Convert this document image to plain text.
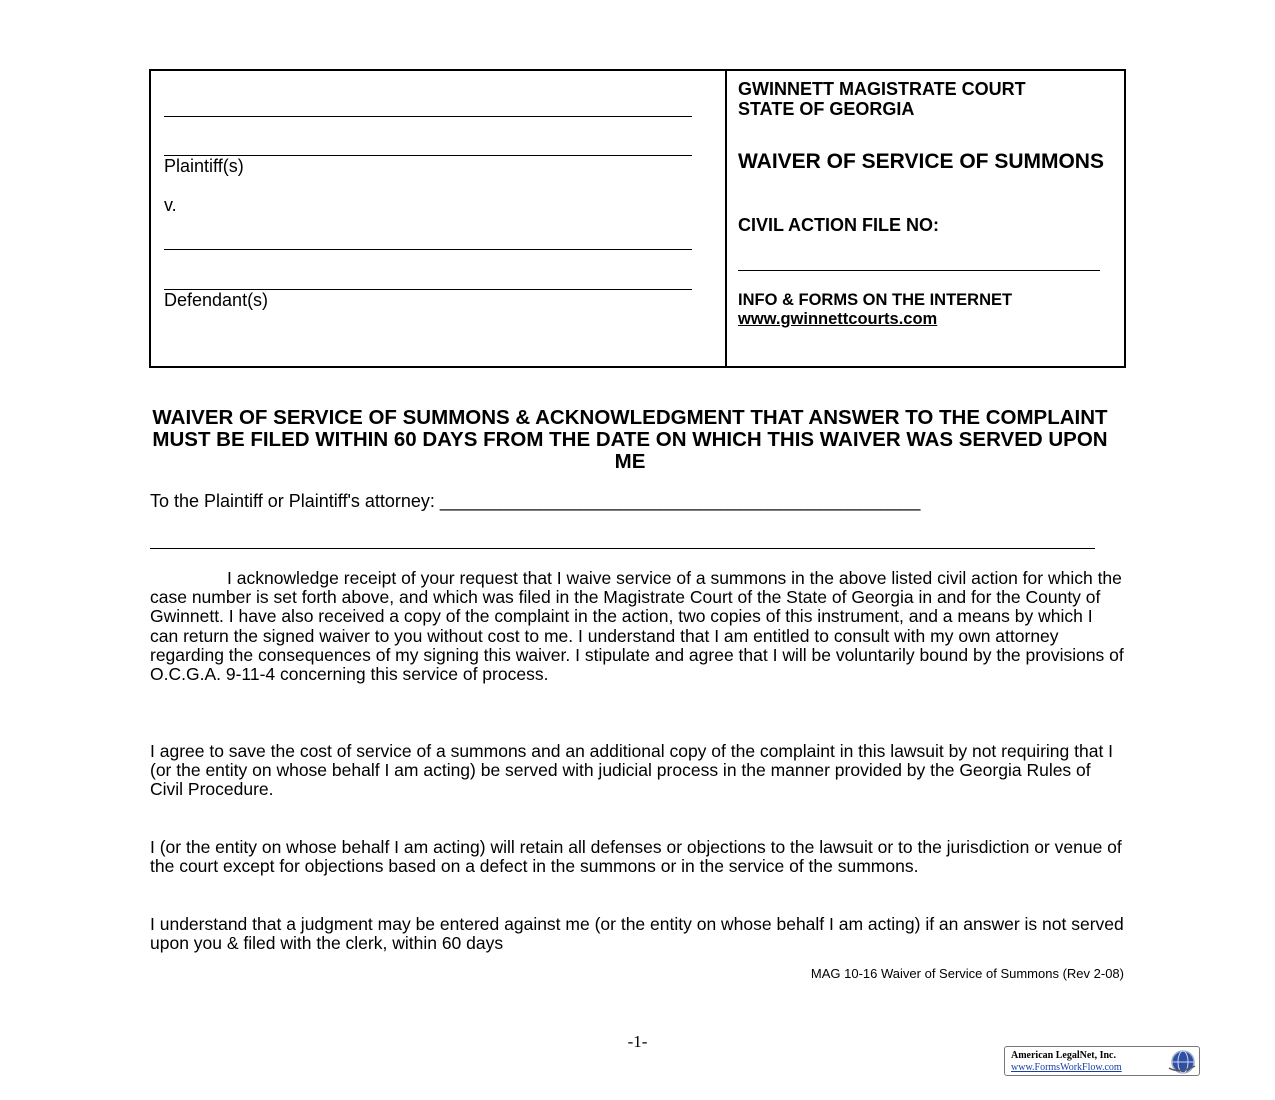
Plaintiff(s)
v.
Defendant(s)
GWINNETT MAGISTRATE COURT
STATE OF GEORGIA
WAIVER OF SERVICE OF SUMMONS
CIVIL ACTION FILE NO:
INFO & FORMS ON THE INTERNET
www.gwinnettcourts.com
WAIVER OF SERVICE OF SUMMONS & ACKNOWLEDGMENT THAT ANSWER TO THE COMPLAINT MUST BE FILED WITHIN 60 DAYS FROM THE DATE ON WHICH THIS WAIVER WAS SERVED UPON ME
To the Plaintiff or Plaintiff's attorney: ________________________________________________

I acknowledge receipt of your request that I waive service of a summons in the above listed civil action for which the case number is set forth above, and which was filed in the Magistrate Court of the State of Georgia in and for the County of Gwinnett. I have also received a copy of the complaint in the action, two copies of this instrument, and a means by which I can return the signed waiver to you without cost to me. I understand that I am entitled to consult with my own attorney regarding the consequences of my signing this waiver. I stipulate and agree that I will be voluntarily bound by the provisions of O.C.G.A. 9-11-4 concerning this service of process.

I agree to save the cost of service of a summons and an additional copy of the complaint in this lawsuit by not requiring that I (or the entity on whose behalf I am acting) be served with judicial process in the manner provided by the Georgia Rules of Civil Procedure.

I (or the entity on whose behalf I am acting) will retain all defenses or objections to the lawsuit or to the jurisdiction or venue of the court except for objections based on a defect in the summons or in the service of the summons.

I understand that a judgment may be entered against me (or the entity on whose behalf I am acting) if an answer is not served upon you & filed with the clerk, within 60 days

MAG 10-16 Waiver of Service of Summons (Rev 2-08)
-1-
American LegalNet, Inc.
www.FormsWorkFlow.com
